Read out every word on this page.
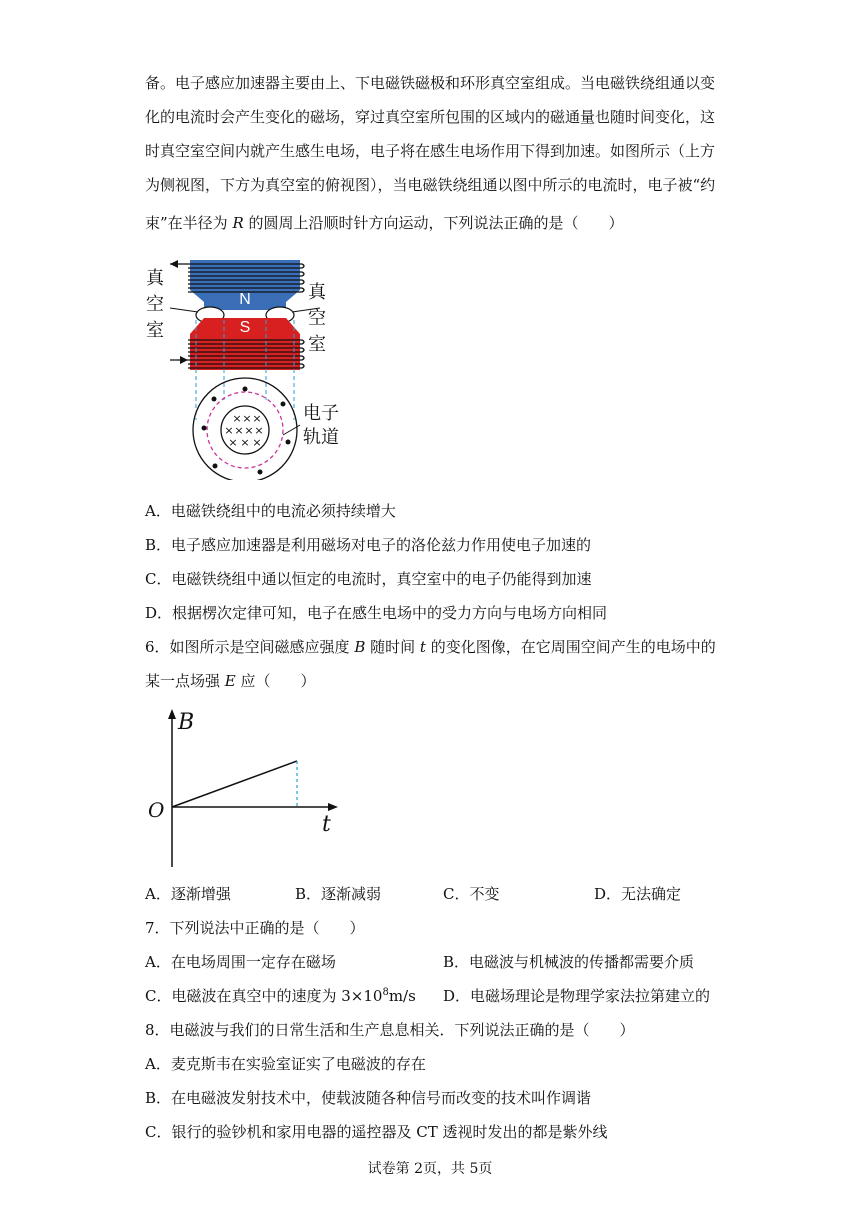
备。电子感应加速器主要由上、下电磁铁磁极和环形真空室组成。当电磁铁绕组通以变
化的电流时会产生变化的磁场，穿过真空室所包围的区域内的磁通量也随时间变化，这
时真空室空间内就产生感生电场，电子将在感生电场作用下得到加速。如图所示（上方
为侧视图，下方为真空室的俯视图），当电磁铁绕组通以图中所示的电流时，电子被“约
束”在半径为 R 的圆周上沿顺时针方向运动，下列说法正确的是（　　）
N
S
× × ×
× × × ×
× × ×
真
空
室
真
空
室
电子
轨道
A．电磁铁绕组中的电流必须持续增大
B．电子感应加速器是利用磁场对电子的洛伦兹力作用使电子加速的
C．电磁铁绕组中通以恒定的电流时，真空室中的电子仍能得到加速
D．根据楞次定律可知，电子在感生电场中的受力方向与电场方向相同
6．如图所示是空间磁感应强度 B 随时间 t 的变化图像，在它周围空间产生的电场中的
某一点场强 E 应（　　）
B
t
O
A．逐渐增强	B．逐渐减弱	C．不变	D．无法确定
7．下列说法中正确的是（　　）
A．在电场周围一定存在磁场	B．电磁波与机械波的传播都需要介质
C．电磁波在真空中的速度为 $3\times 10^8m/s$ D．电磁场理论是物理学家法拉第建立的
8．电磁波与我们的日常生活和生产息息相关．下列说法正确的是（　　）
A．麦克斯韦在实验室证实了电磁波的存在
B．在电磁波发射技术中，使载波随各种信号而改变的技术叫作调谐
C．银行的验钞机和家用电器的遥控器及 CT 透视时发出的都是紫外线
试卷第 2页，共 5页
